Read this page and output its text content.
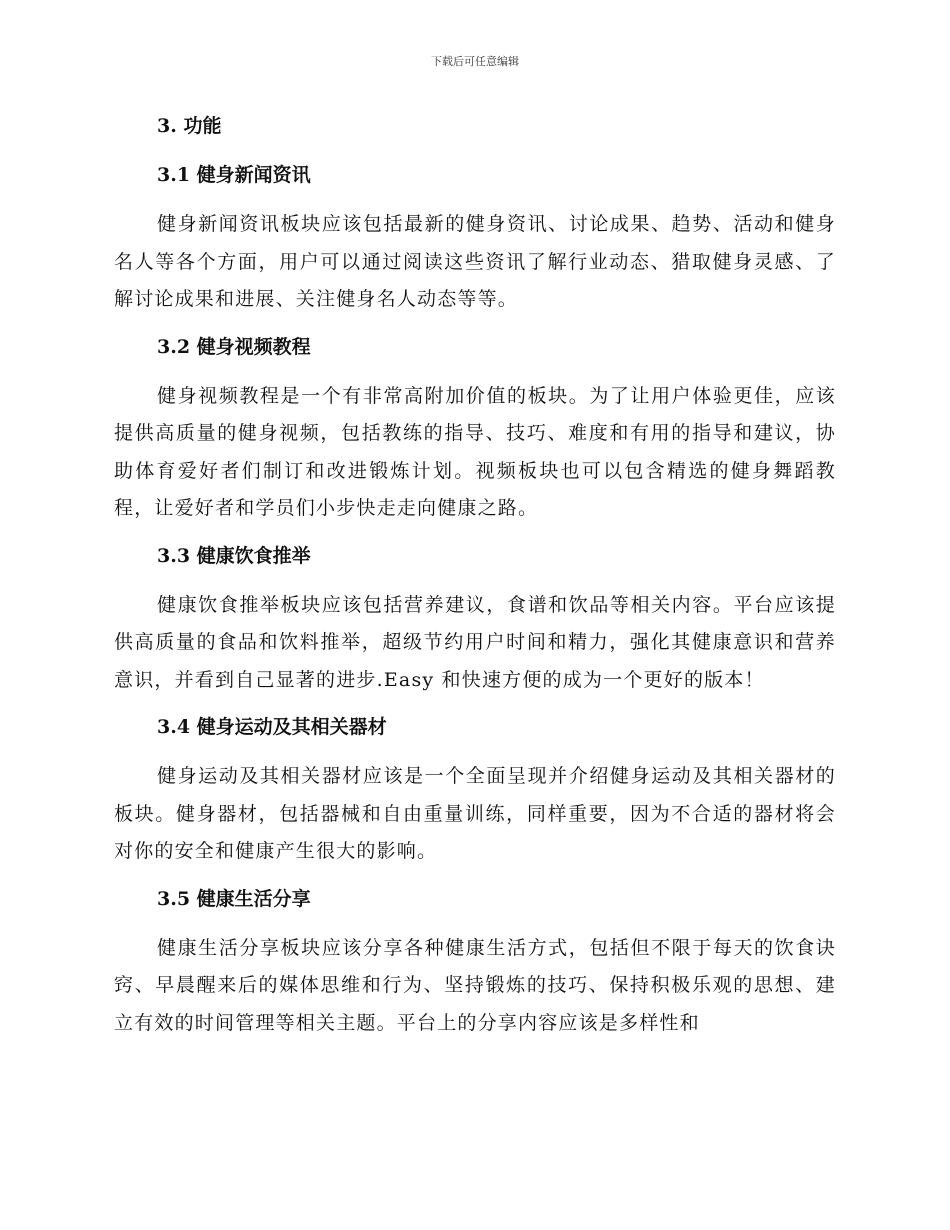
下载后可任意编辑
3. 功能
3.1 健身新闻资讯

健身新闻资讯板块应该包括最新的健身资讯、讨论成果、趋势、活动和健身名人等各个方面，用户可以通过阅读这些资讯了解行业动态、猎取健身灵感、了解讨论成果和进展、关注健身名人动态等等。

3.2 健身视频教程

健身视频教程是一个有非常高附加价值的板块。为了让用户体验更佳，应该提供高质量的健身视频，包括教练的指导、技巧、难度和有用的指导和建议，协助体育爱好者们制订和改进锻炼计划。视频板块也可以包含精选的健身舞蹈教程，让爱好者和学员们小步快走走向健康之路。

3.3 健康饮食推举

健康饮食推举板块应该包括营养建议，食谱和饮品等相关内容。平台应该提供高质量的食品和饮料推举，超级节约用户时间和精力，强化其健康意识和营养意识，并看到自己显著的进步.Easy 和快速方便的成为一个更好的版本！

3.4 健身运动及其相关器材

健身运动及其相关器材应该是一个全面呈现并介绍健身运动及其相关器材的板块。健身器材，包括器械和自由重量训练，同样重要，因为不合适的器材将会对你的安全和健康产生很大的影响。

3.5 健康生活分享

健康生活分享板块应该分享各种健康生活方式，包括但不限于每天的饮食诀窍、早晨醒来后的媒体思维和行为、坚持锻炼的技巧、保持积极乐观的思想、建立有效的时间管理等相关主题。平台上的分享内容应该是多样性和
